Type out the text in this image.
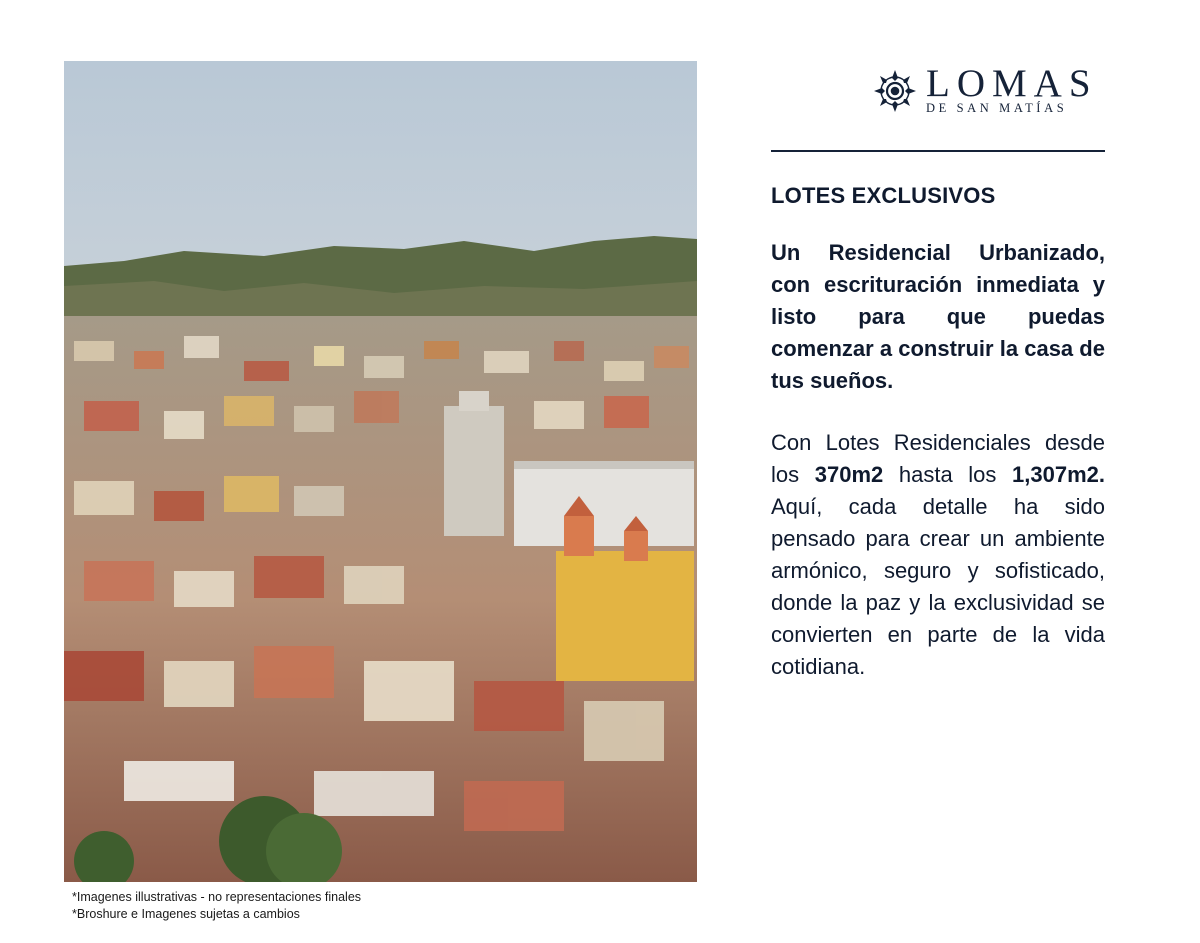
*Imagenes illustrativas - no representaciones finales
*Broshure e Imagenes sujetas a cambios
LOMAS
DE SAN MATÍAS
LOTES EXCLUSIVOS
Un Residencial Urbanizado, con escrituración inmediata y listo para que puedas comenzar a construir la casa de tus sueños.
Con Lotes Residenciales desde los 370m2 hasta los 1,307m2. Aquí, cada detalle ha sido pensado para crear un ambiente armónico, seguro y sofisticado, donde la paz y la exclusividad se convierten en parte de la vida cotidiana.
